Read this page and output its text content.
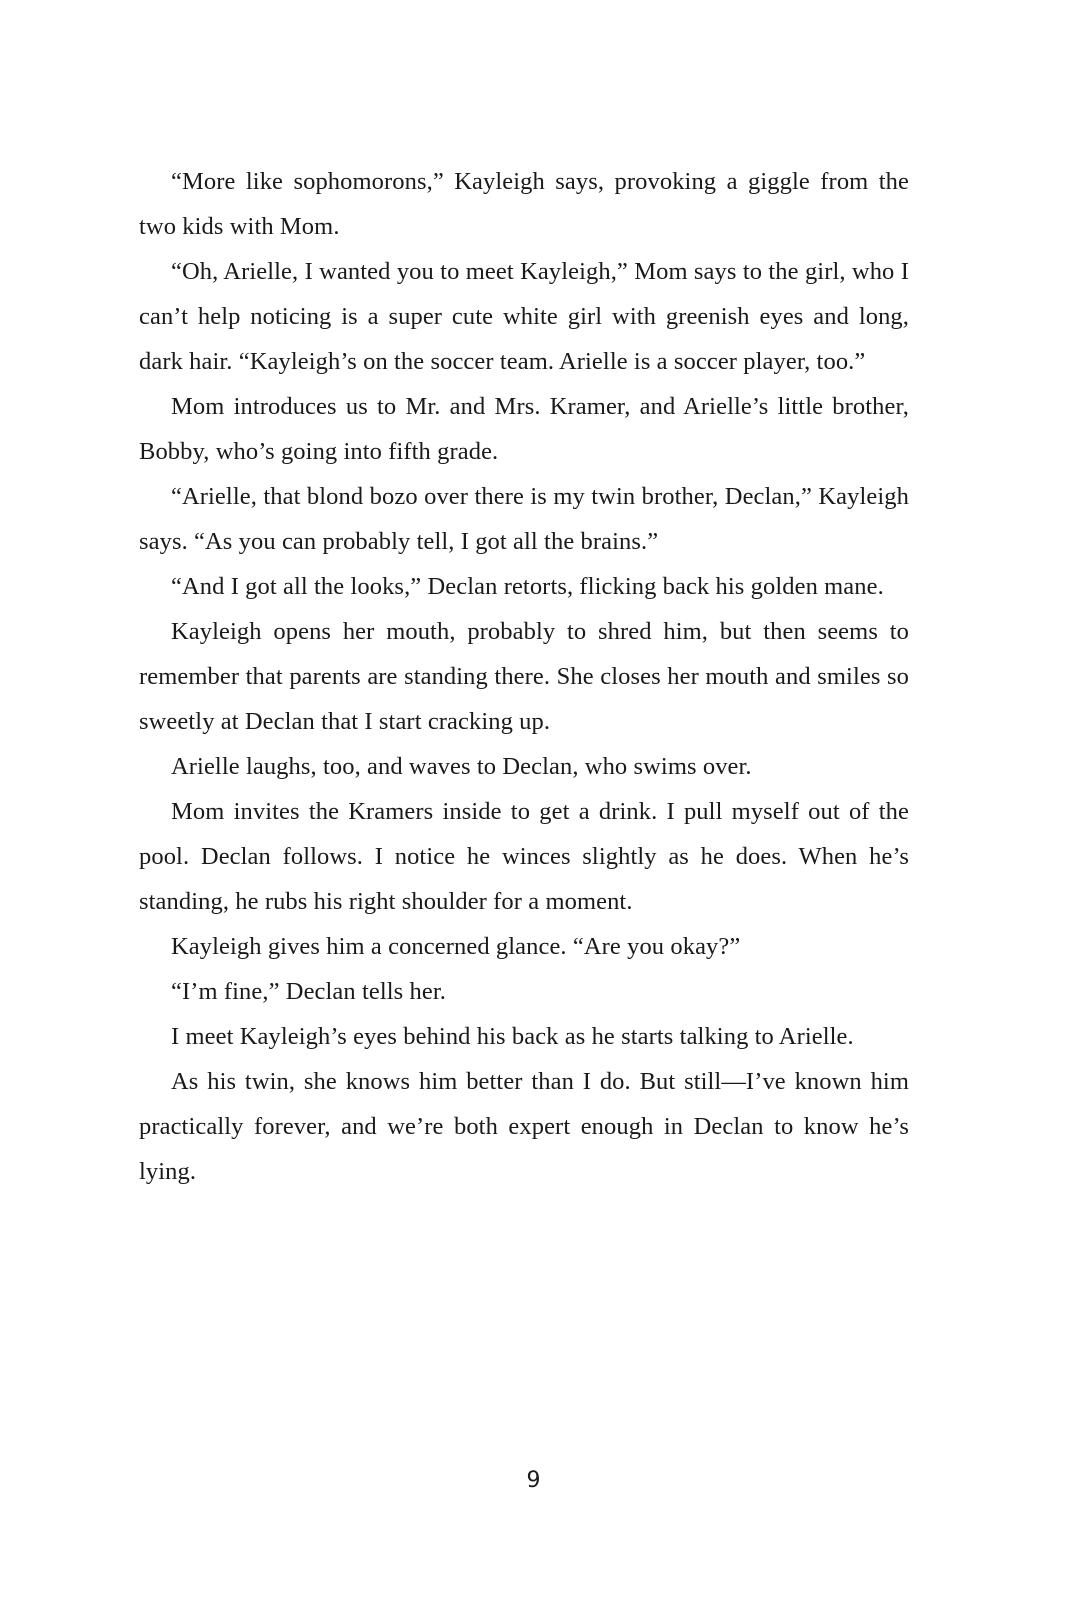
“More like sophomorons,” Kayleigh says, provoking a giggle from the two kids with Mom.

“Oh, Arielle, I wanted you to meet Kayleigh,” Mom says to the girl, who I can’t help noticing is a super cute white girl with greenish eyes and long, dark hair. “Kayleigh’s on the soccer team. Arielle is a soccer player, too.”

Mom introduces us to Mr. and Mrs. Kramer, and Arielle’s little brother, Bobby, who’s going into fifth grade.

“Arielle, that blond bozo over there is my twin brother, Declan,” Kayleigh says. “As you can probably tell, I got all the brains.”

“And I got all the looks,” Declan retorts, flicking back his golden mane.

Kayleigh opens her mouth, probably to shred him, but then seems to remember that parents are standing there. She closes her mouth and smiles so sweetly at Declan that I start cracking up.

Arielle laughs, too, and waves to Declan, who swims over.

Mom invites the Kramers inside to get a drink. I pull myself out of the pool. Declan follows. I notice he winces slightly as he does. When he’s standing, he rubs his right shoulder for a moment.

Kayleigh gives him a concerned glance. “Are you okay?”

“I’m fine,” Declan tells her.

I meet Kayleigh’s eyes behind his back as he starts talking to Arielle.

As his twin, she knows him better than I do. But still—I’ve known him practically forever, and we’re both expert enough in Declan to know he’s lying.

9
